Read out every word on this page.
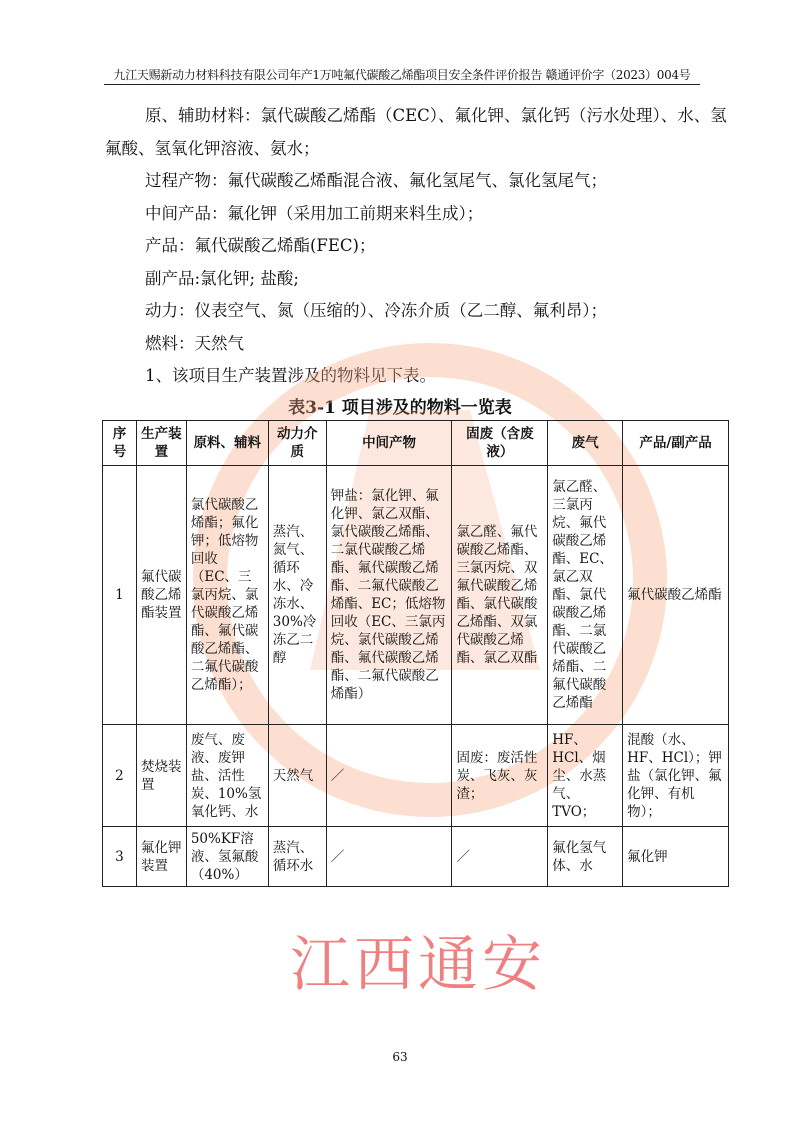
九江天赐新动力材料科技有限公司年产1万吨氟代碳酸乙烯酯项目安全条件评价报告 赣通评价字（2023）004号

原、辅助材料：氯代碳酸乙烯酯（CEC）、氟化钾、氯化钙（污水处理）、水、氢氟酸、氢氧化钾溶液、氨水；

过程产物：氟代碳酸乙烯酯混合液、氟化氢尾气、氯化氢尾气；

中间产品：氟化钾（采用加工前期来料生成）；

产品：氟代碳酸乙烯酯(FEC)；

副产品:氯化钾; 盐酸;

动力：仪表空气、氮（压缩的）、冷冻介质（乙二醇、氟利昂）；

燃料：天然气

1、该项目生产装置涉及的物料见下表。

表3-1 项目涉及的物料一览表
序号	生产装置	原料、辅料	动力介质	中间产物	固废（含废液）	废气	产品/副产品
1	氟代碳酸乙烯酯装置	氯代碳酸乙烯酯；氟化钾；低熔物回收（EC、三氯丙烷、氯代碳酸乙烯酯、氟代碳酸乙烯酯、二氟代碳酸乙烯酯）；	蒸汽、氮气、循环水、冷冻水、30%冷冻乙二醇	钾盐：氯化钾、氟化钾、氯乙双酯、氯代碳酸乙烯酯、二氯代碳酸乙烯酯、氟代碳酸乙烯酯、二氟代碳酸乙烯酯、EC；低熔物回收（EC、三氯丙烷、氯代碳酸乙烯酯、氟代碳酸乙烯酯、二氟代碳酸乙烯酯）	氯乙醛、氟代碳酸乙烯酯、三氯丙烷、双氟代碳酸乙烯酯、氯代碳酸乙烯酯、双氯代碳酸乙烯酯、氯乙双酯	氯乙醛、三氯丙烷、氟代碳酸乙烯酯、EC、氯乙双酯、氯代碳酸乙烯酯、二氯代碳酸乙烯酯、二氟代碳酸乙烯酯	氟代碳酸乙烯酯
2	焚烧装置	废气、废液、废钾盐、活性炭、10%氢氧化钙、水	天然气	／	固废：废活性炭、飞灰、灰渣；	HF、HCl、烟尘、水蒸气、TVO；	混酸（水、HF、HCl）；钾盐（氯化钾、氟化钾、有机物）；
3	氟化钾装置	50%KF溶液、氢氟酸（40%）	蒸汽、循环水	／	／	氟化氢气体、水	氟化钾
江西通安
63
